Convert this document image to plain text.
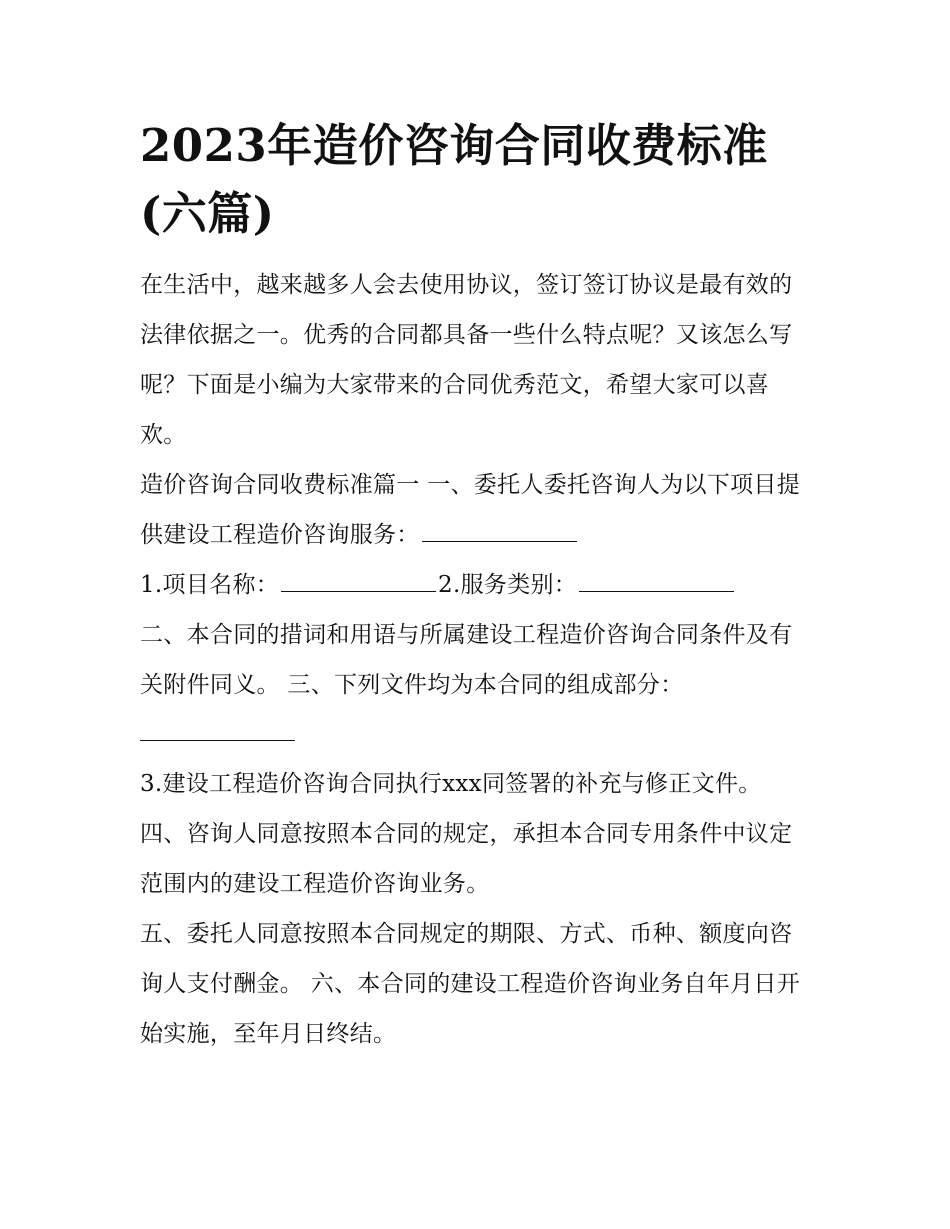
2023年造价咨询合同收费标准(六篇)

在生活中，越来越多人会去使用协议，签订签订协议是最有效的法律依据之一。优秀的合同都具备一些什么特点呢？又该怎么写呢？下面是小编为大家带来的合同优秀范文，希望大家可以喜欢。

造价咨询合同收费标准篇一 一、委托人委托咨询人为以下项目提供建设工程造价咨询服务：

1.项目名称：	2.服务类别：

二、本合同的措词和用语与所属建设工程造价咨询合同条件及有关附件同义。 三、下列文件均为本合同的组成部分：

3.建设工程造价咨询合同执行xxx同签署的补充与修正文件。

四、咨询人同意按照本合同的规定，承担本合同专用条件中议定范围内的建设工程造价咨询业务。

五、委托人同意按照本合同规定的期限、方式、币种、额度向咨询人支付酬金。 六、本合同的建设工程造价咨询业务自年月日开始实施，至年月日终结。
